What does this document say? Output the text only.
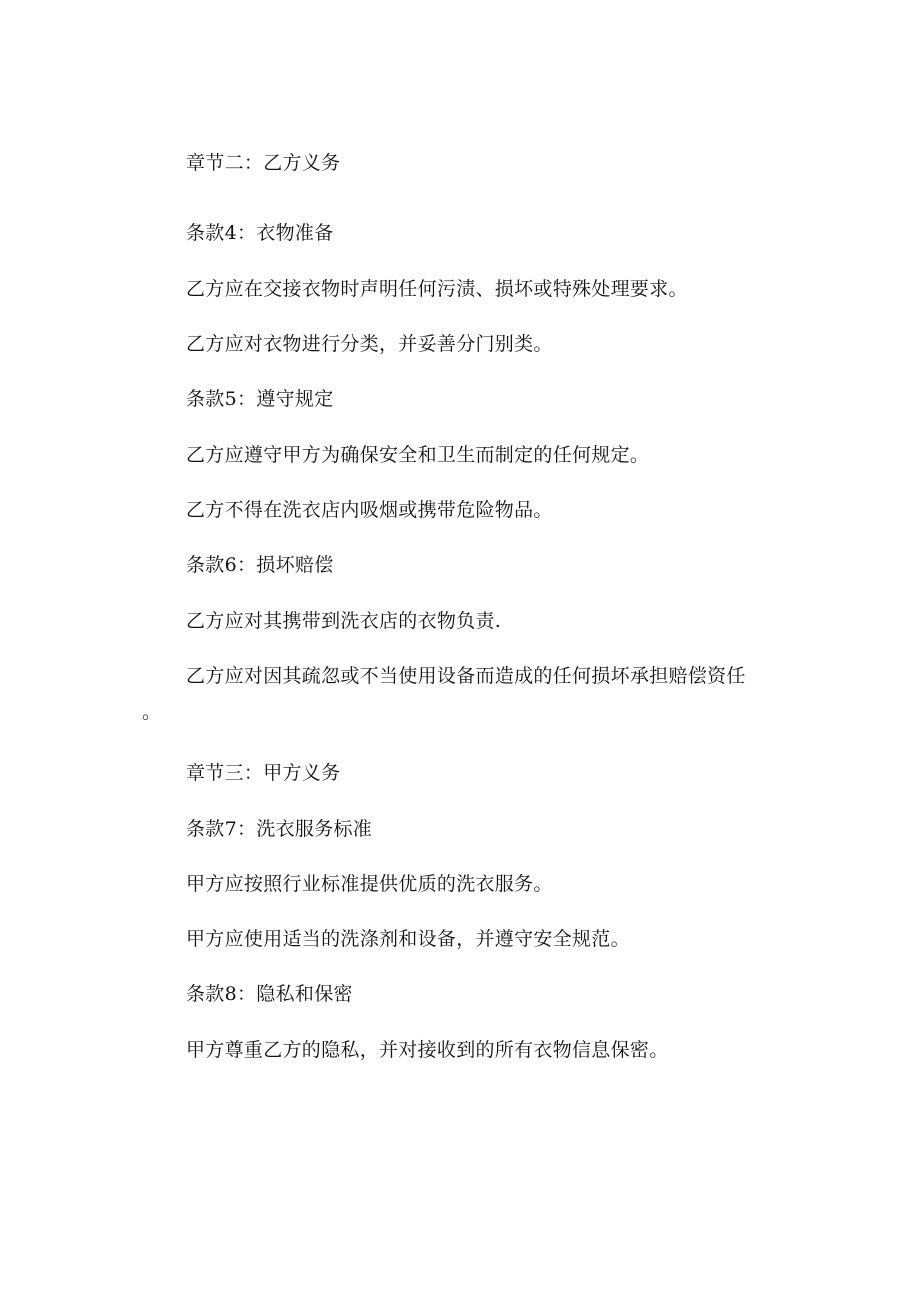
章节二：乙方义务
条款4：衣物准备
乙方应在交接衣物时声明任何污渍、损坏或特殊处理要求。
乙方应对衣物进行分类，并妥善分门别类。
条款5：遵守规定
乙方应遵守甲方为确保安全和卫生而制定的任何规定。
乙方不得在洗衣店内吸烟或携带危险物品。
条款6：损坏赔偿
乙方应对其携带到洗衣店的衣物负责.
乙方应对因其疏忽或不当使用设备而造成的任何损坏承担赔偿资任
。
章节三：甲方义务
条款7：洗衣服务标准
甲方应按照行业标准提供优质的洗衣服务。
甲方应使用适当的洗涤剂和设备，并遵守安全规范。
条款8：隐私和保密
甲方尊重乙方的隐私，并对接收到的所有衣物信息保密。
